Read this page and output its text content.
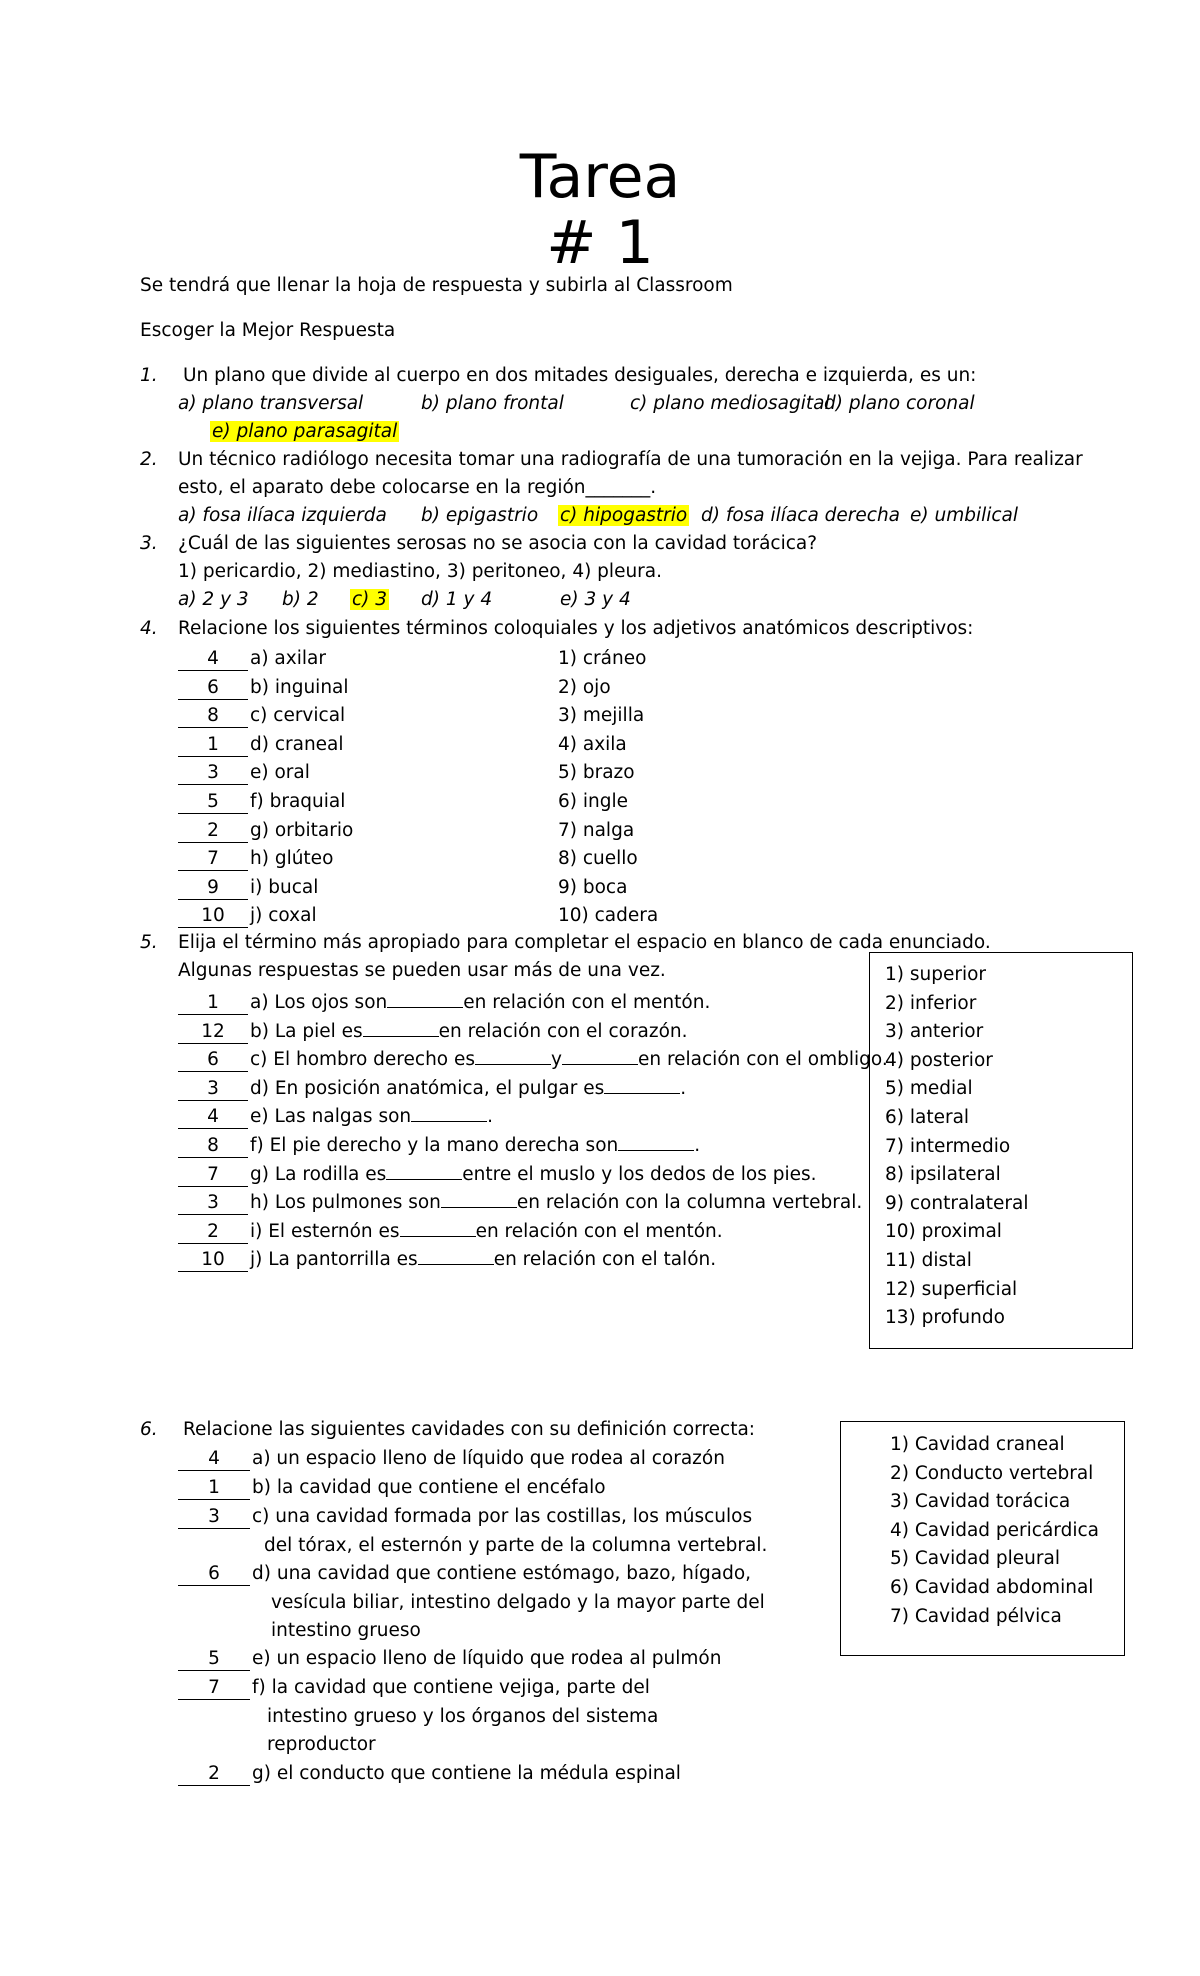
Tarea
# 1
Se tendrá que llenar la hoja de respuesta y subirla al Classroom
Escoger la Mejor Respuesta
1. Un plano que divide al cuerpo en dos mitades desiguales, derecha e izquierda, es un:
a) plano transversal	b) plano frontal	c) plano mediosagital
d) plano coronal
e) plano parasagital
2. Un técnico radiólogo necesita tomar una radiografía de una tumoración en la vejiga. Para realizar
esto, el aparato debe colocarse en la región_______.
a) fosa ilíaca izquierda b) epigastrio c) hipogastrio d) fosa ilíaca derecha e) umbilical
3. ¿Cuál de las siguientes serosas no se asocia con la cavidad torácica?
1) pericardio, 2) mediastino, 3) peritoneo, 4) pleura.
a) 2 y 3 b) 2 c) 3 d) 1 y 4	e) 3 y 4
4. Relacione los siguientes términos coloquiales y los adjetivos anatómicos descriptivos:
4 a) axilar	1) cráneo
6 b) inguinal	2) ojo
8 c) cervical	3) mejilla
1 d) craneal	4) axila
3 e) oral	5) brazo
5 f) braquial	6) ingle
2 g) orbitario	7) nalga
7 h) glúteo	8) cuello
9 i) bucal	9) boca
10 j) coxal	10) cadera
5. Elija el término más apropiado para completar el espacio en blanco de cada enunciado.
Algunas respuestas se pueden usar más de una vez.
1 a) Los ojos son	en relación con el mentón.
12 b) La piel es	en relación con el corazón.
6 c) El hombro derecho es	y	en relación con el ombligo.
3 d) En posición anatómica, el pulgar es	.
4 e) Las nalgas son	.
8 f) El pie derecho y la mano derecha son	.
7 g) La rodilla es	entre el muslo y los dedos de los pies.
3 h) Los pulmones son	en relación con la columna vertebral.
2 i) El esternón es	en relación con el mentón.
10 j) La pantorrilla es	en relación con el talón.
1) superior
2) inferior
3) anterior
4) posterior
5) medial
6) lateral
7) intermedio
8) ipsilateral
9) contralateral
10) proximal
11) distal
12) superficial
13) profundo
6. Relacione las siguientes cavidades con su definición correcta:
4 a) un espacio lleno de líquido que rodea al corazón
1 b) la cavidad que contiene el encéfalo
3 c) una cavidad formada por las costillas, los músculos
del tórax, el esternón y parte de la columna vertebral.
6 d) una cavidad que contiene estómago, bazo, hígado,
vesícula biliar, intestino delgado y la mayor parte del
intestino grueso
5 e) un espacio lleno de líquido que rodea al pulmón
7 f) la cavidad que contiene vejiga, parte del
intestino grueso y los órganos del sistema
reproductor
2 g) el conducto que contiene la médula espinal
1) Cavidad craneal
2) Conducto vertebral
3) Cavidad torácica
4) Cavidad pericárdica
5) Cavidad pleural
6) Cavidad abdominal
7) Cavidad pélvica
